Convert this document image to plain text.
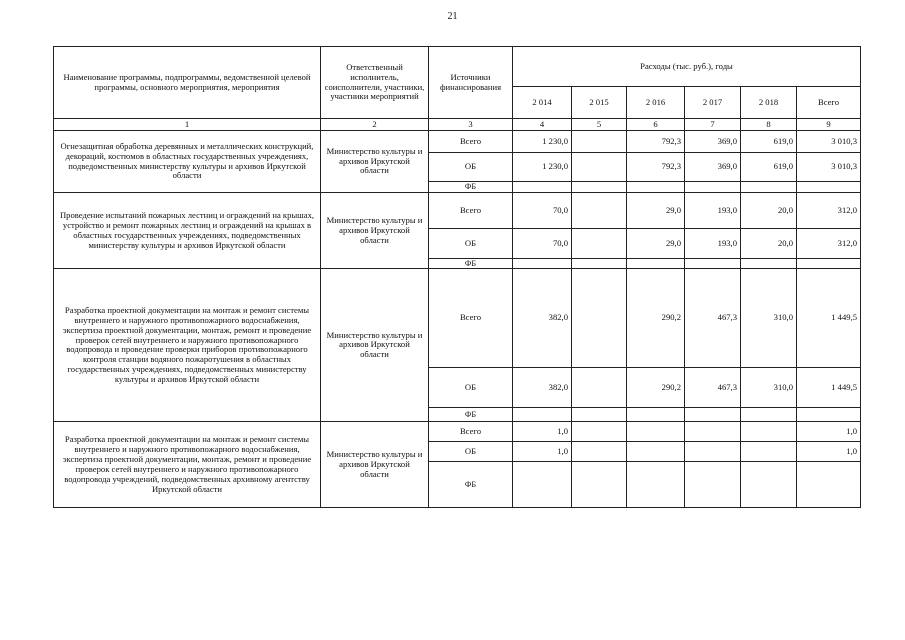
21
Наименование программы, подпрограммы, ведомственной целевой программы, основного мероприятия, мероприятия	Ответственный исполнитель, соисполнители, участники, участники мероприятий	Источники финансирования	Расходы (тыс. руб.), годы					
			2 014	2 015	2 016	2 017	2 018	Всего
1	2	3	4	5	6	7	8	9
Огнезащитная обработка деревянных и металлических конструкций, декораций, костюмов в областных государственных учреждениях, подведомственных министерству культуры и архивов Иркутской области	Министерство культуры и архивов Иркутской области	Всего	1 230,0		792,3	369,0	619,0	3 010,3
		ОБ	1 230,0		792,3	369,0	619,0	3 010,3
		ФБ						
Проведение испытаний пожарных лестниц и ограждений на крышах, устройство и ремонт пожарных лестниц и ограждений на крышах в областных государственных учреждениях, подведомственных министерству культуры и архивов Иркутской области	Министерство культуры и архивов Иркутской области	Всего	70,0		29,0	193,0	20,0	312,0
		ОБ	70,0		29,0	193,0	20,0	312,0
		ФБ						
Разработка проектной документации на монтаж и ремонт системы внутреннего и наружного противопожарного водоснабжения, экспертиза проектной документации, монтаж, ремонт и проведение проверок сетей внутреннего и наружного противопожарного водопровода и проведение проверки приборов противопожарного контроля станции водяного пожаротушения в областных государственных учреждениях, подведомственных министерству культуры и архивов Иркутской области	Министерство культуры и архивов Иркутской области	Всего	382,0		290,2	467,3	310,0	1 449,5
		ОБ	382,0		290,2	467,3	310,0	1 449,5
		ФБ						
Разработка проектной документации на монтаж и ремонт системы внутреннего и наружного противопожарного водоснабжения, экспертиза проектной документации, монтаж, ремонт и проведение проверок сетей внутреннего и наружного противопожарного водопровода учреждений, подведомственных архивному агентству Иркутской области	Министерство культуры и архивов Иркутской области	Всего	1,0					1,0
		ОБ	1,0					1,0
		ФБ						
